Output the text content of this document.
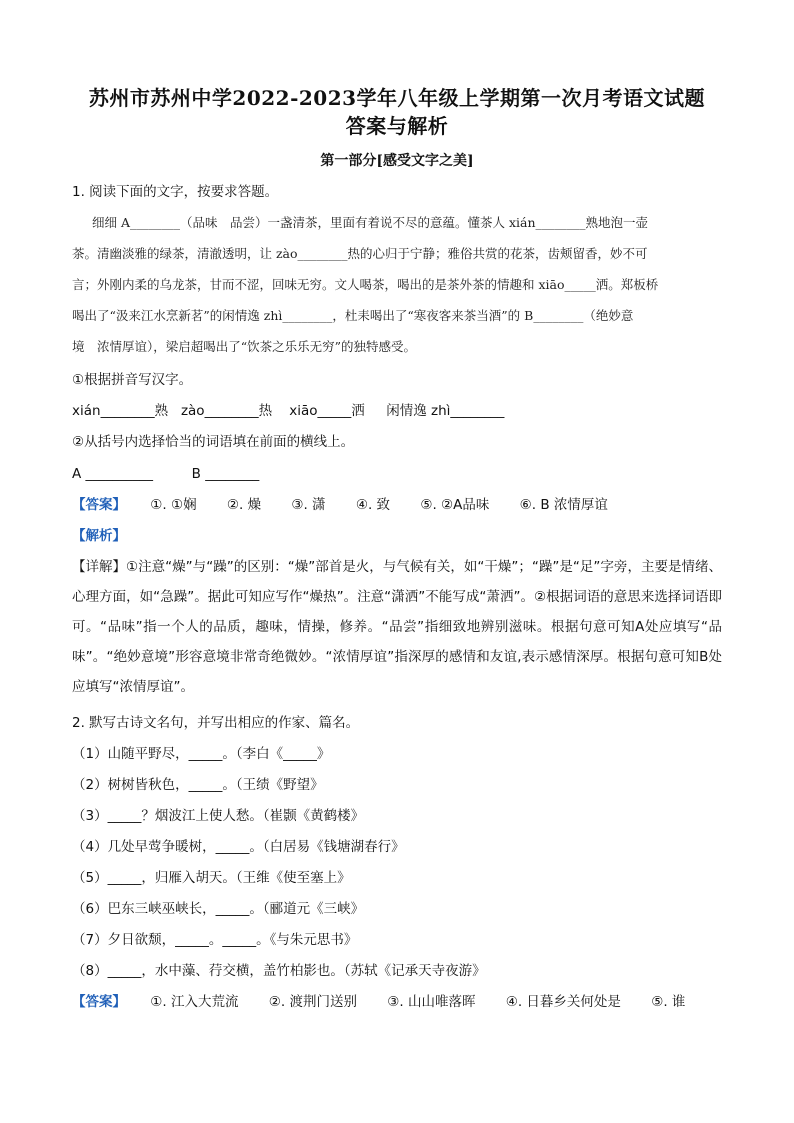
苏州市苏州中学2022-2023学年八年级上学期第一次月考语文试题
答案与解析
第一部分[感受文字之美]
1. 阅读下面的文字，按要求答题。
细细 A________（品味　品尝）一盏清茶，里面有着说不尽的意蕴。懂茶人 xián________熟地泡一壶
茶。清幽淡雅的绿茶，清澈透明，让 zào________热的心归于宁静；雅俗共赏的花茶，齿颊留香，妙不可
言；外刚内柔的乌龙茶，甘而不涩，回味无穷。文人喝茶，喝出的是茶外茶的情趣和 xiāo_____洒。郑板桥
喝出了“汲来江水烹新茗”的闲情逸 zhì________，杜耒喝出了“寒夜客来茶当酒”的 B________（绝妙意
境　浓情厚谊），梁启超喝出了“饮茶之乐乐无穷”的独特感受。
①根据拼音写汉字。
xián________熟 zào________热 xiāo_____洒 闲情逸 zhì________
②从括号内选择恰当的词语填在前面的横线上。
A __________	B ________
【答案】 ①. ①娴 ②. 燥 ③. 潇 ④. 致 ⑤. ②A品味 ⑥. B 浓情厚谊
【解析】
【详解】①注意“燥”与“躁”的区别：“燥”部首是火，与气候有关，如“干燥”；“躁”是“足”字旁，主要是情绪、心理方面，如“急躁”。据此可知应写作“燥热”。注意“潇洒”不能写成“萧洒”。②根据词语的意思来选择词语即可。“品味”指一个人的品质，趣味，情操，修养。“品尝”指细致地辨别滋味。根据句意可知A处应填写“品味”。“绝妙意境”形容意境非常奇绝微妙。“浓情厚谊”指深厚的感情和友谊,表示感情深厚。根据句意可知B处应填写“浓情厚谊”。
2. 默写古诗文名句，并写出相应的作家、篇名。
（1）山随平野尽，_____。（李白《_____》
（2）树树皆秋色，_____。（王绩《野望》
（3）_____？烟波江上使人愁。（崔颢《黄鹤楼》
（4）几处早莺争暖树，_____。（白居易《钱塘湖春行》
（5）_____，归雁入胡天。（王维《使至塞上》
（6）巴东三峡巫峡长，_____。（郦道元《三峡》
（7）夕日欲颓，_____。_____。《与朱元思书》
（8）_____，水中藻、荇交横，盖竹柏影也。（苏轼《记承天寺夜游》
【答案】 ①. 江入大荒流 ②. 渡荆门送别 ③. 山山唯落晖 ④. 日暮乡关何处是 ⑤. 谁
